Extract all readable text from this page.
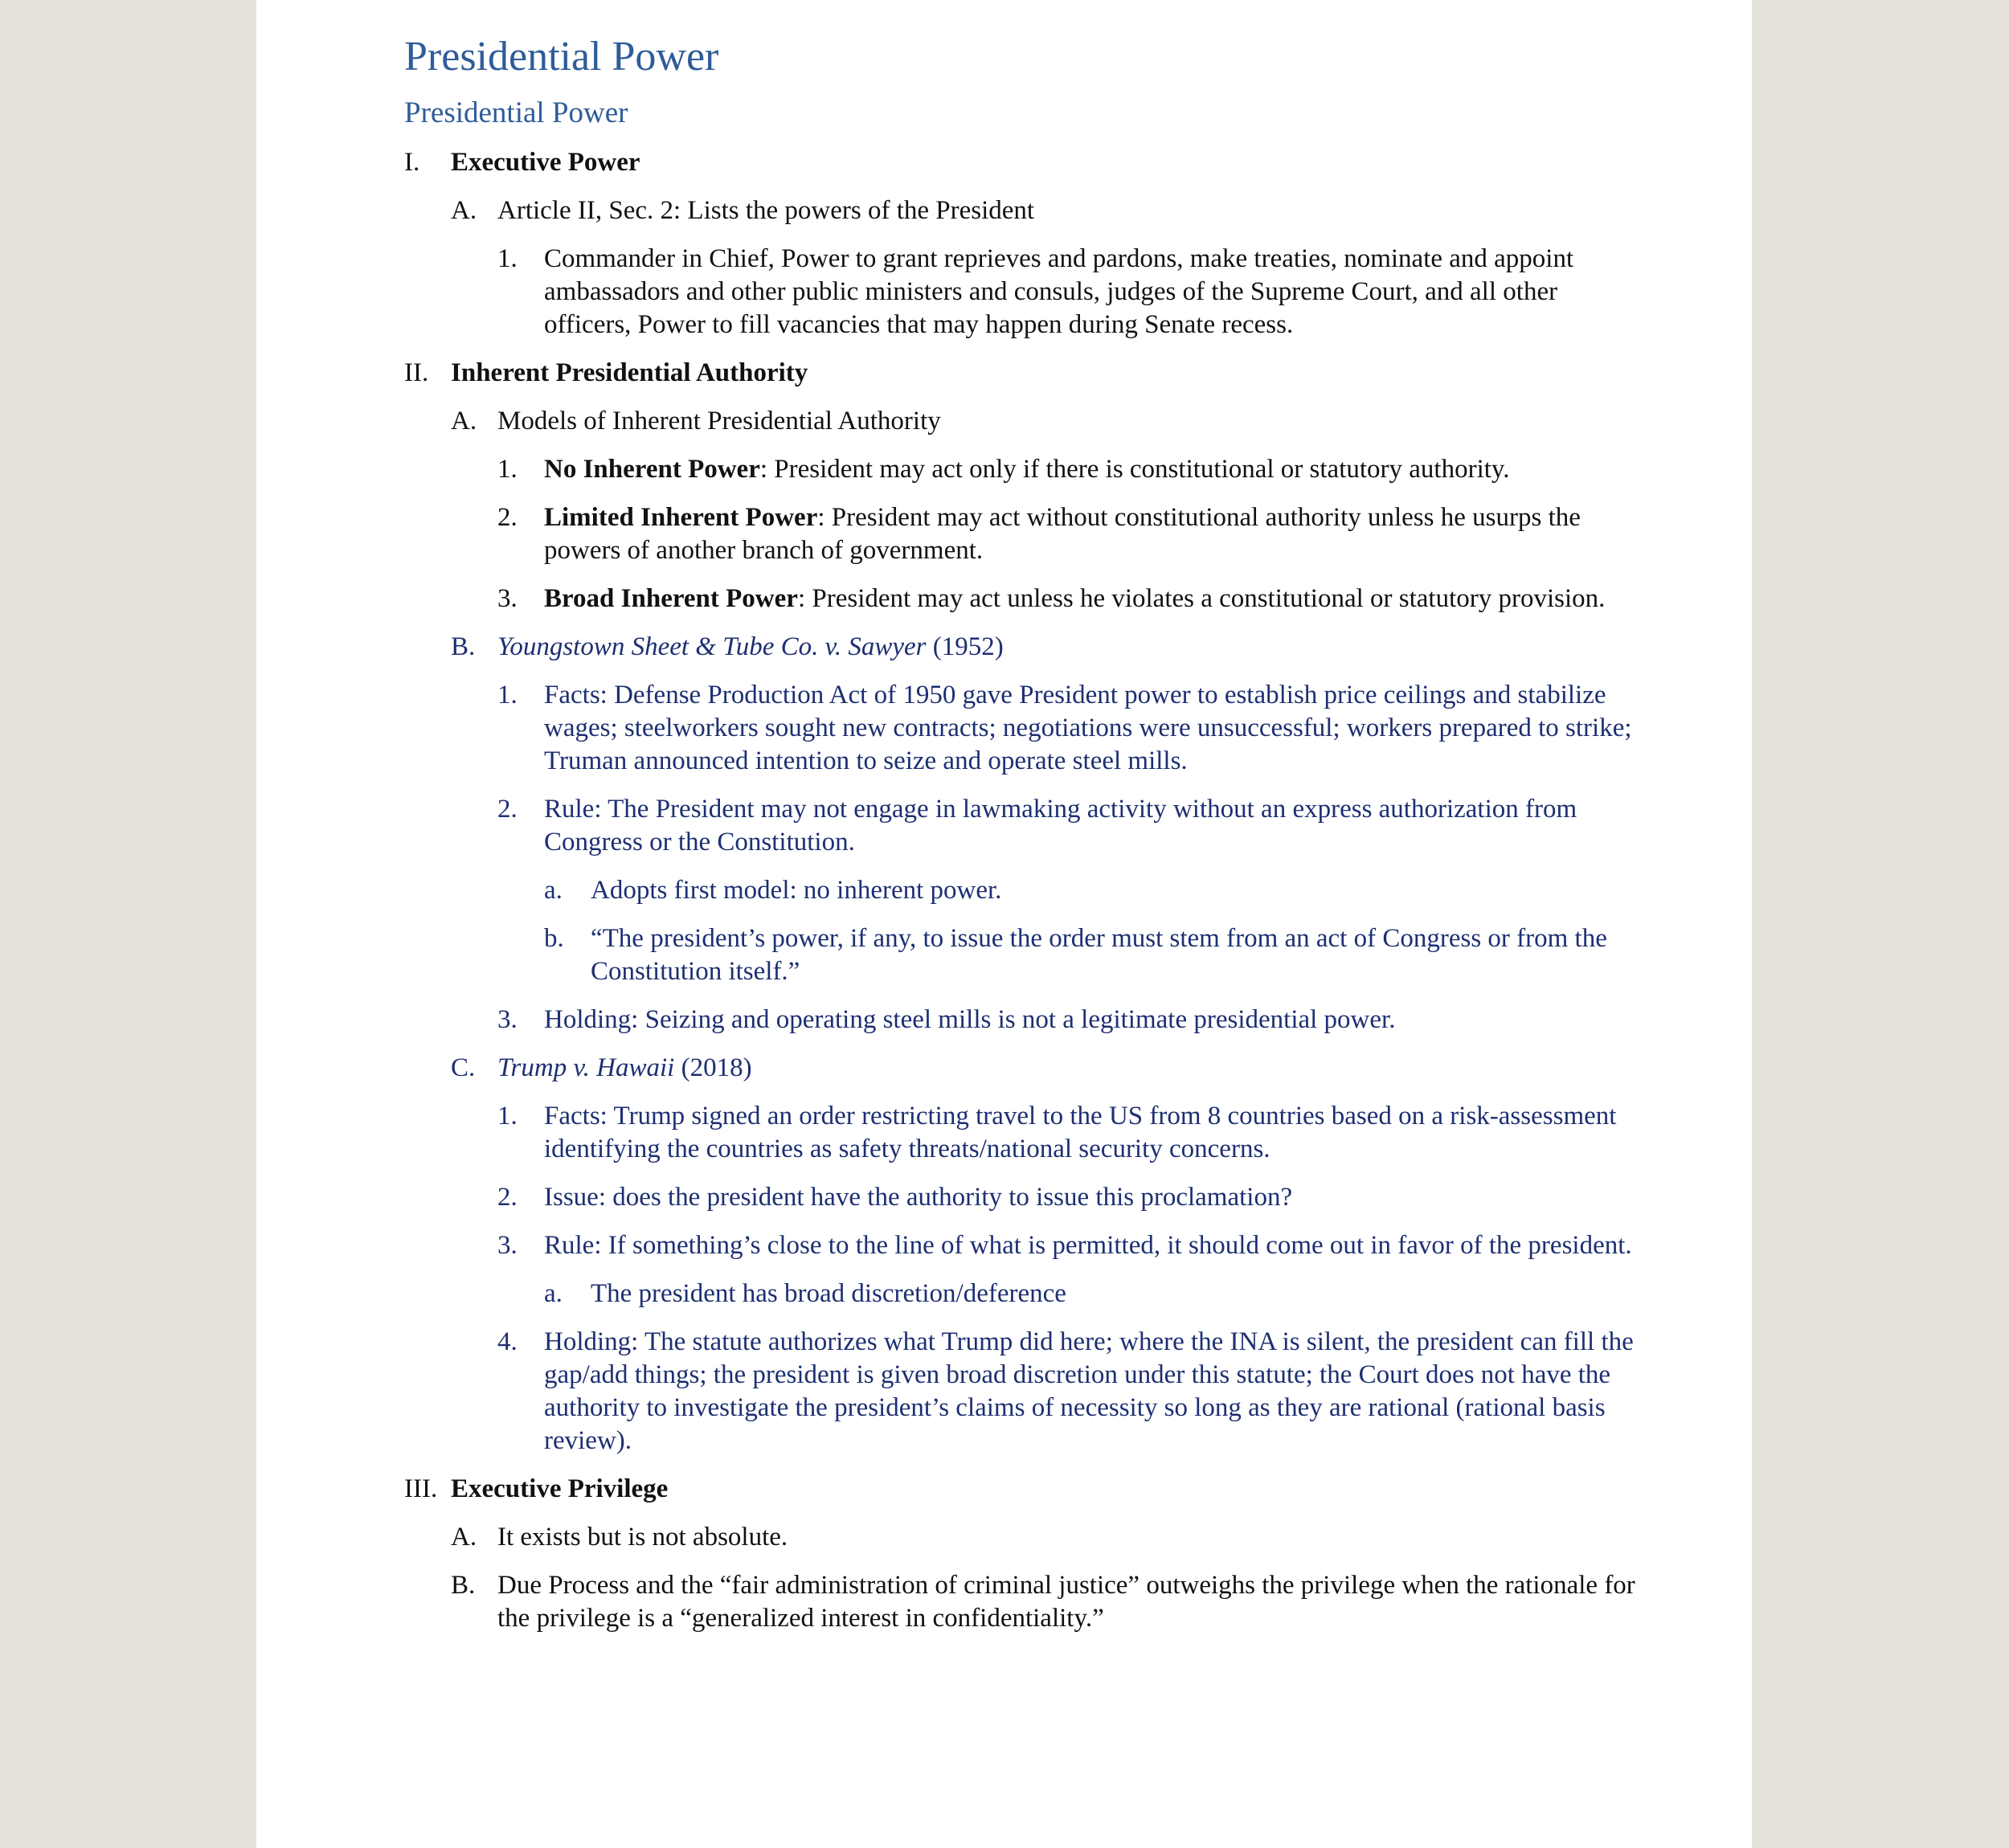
Presidential Power
Presidential Power
I.	Executive Power
A. Article II, Sec. 2: Lists the powers of the President
1.	Commander in Chief, Power to grant reprieves and pardons, make treaties, nominate and appoint ambassadors and other public ministers and consuls, judges of the Supreme Court, and all other officers, Power to fill vacancies that may happen during Senate recess.
II. Inherent Presidential Authority
A. Models of Inherent Presidential Authority
1.	No Inherent Power: President may act only if there is constitutional or statutory authority.
2.	Limited Inherent Power: President may act without constitutional authority unless he usurps the powers of another branch of government.
3.	Broad Inherent Power: President may act unless he violates a constitutional or statutory provision.
B. Youngstown Sheet & Tube Co. v. Sawyer (1952)
1.	Facts: Defense Production Act of 1950 gave President power to establish price ceilings and stabilize wages; steelworkers sought new contracts; negotiations were unsuccessful; workers prepared to strike; Truman announced intention to seize and operate steel mills.
2.	Rule: The President may not engage in lawmaking activity without an express authorization from Congress or the Constitution.
a.	Adopts first model: no inherent power.
b.	“The president’s power, if any, to issue the order must stem from an act of Congress or from the Constitution itself.”
3.	Holding: Seizing and operating steel mills is not a legitimate presidential power.
C. Trump v. Hawaii (2018)
1.	Facts: Trump signed an order restricting travel to the US from 8 countries based on a risk-assessment identifying the countries as safety threats/national security concerns.
2.	Issue: does the president have the authority to issue this proclamation?
3.	Rule: If something’s close to the line of what is permitted, it should come out in favor of the president.
a.	The president has broad discretion/deference
4.	Holding: The statute authorizes what Trump did here; where the INA is silent, the president can fill the gap/add things; the president is given broad discretion under this statute; the Court does not have the authority to investigate the president’s claims of necessity so long as they are rational (rational basis review).
III. Executive Privilege
A. It exists but is not absolute.
B. Due Process and the “fair administration of criminal justice” outweighs the privilege when the rationale for the privilege is a “generalized interest in confidentiality.”
